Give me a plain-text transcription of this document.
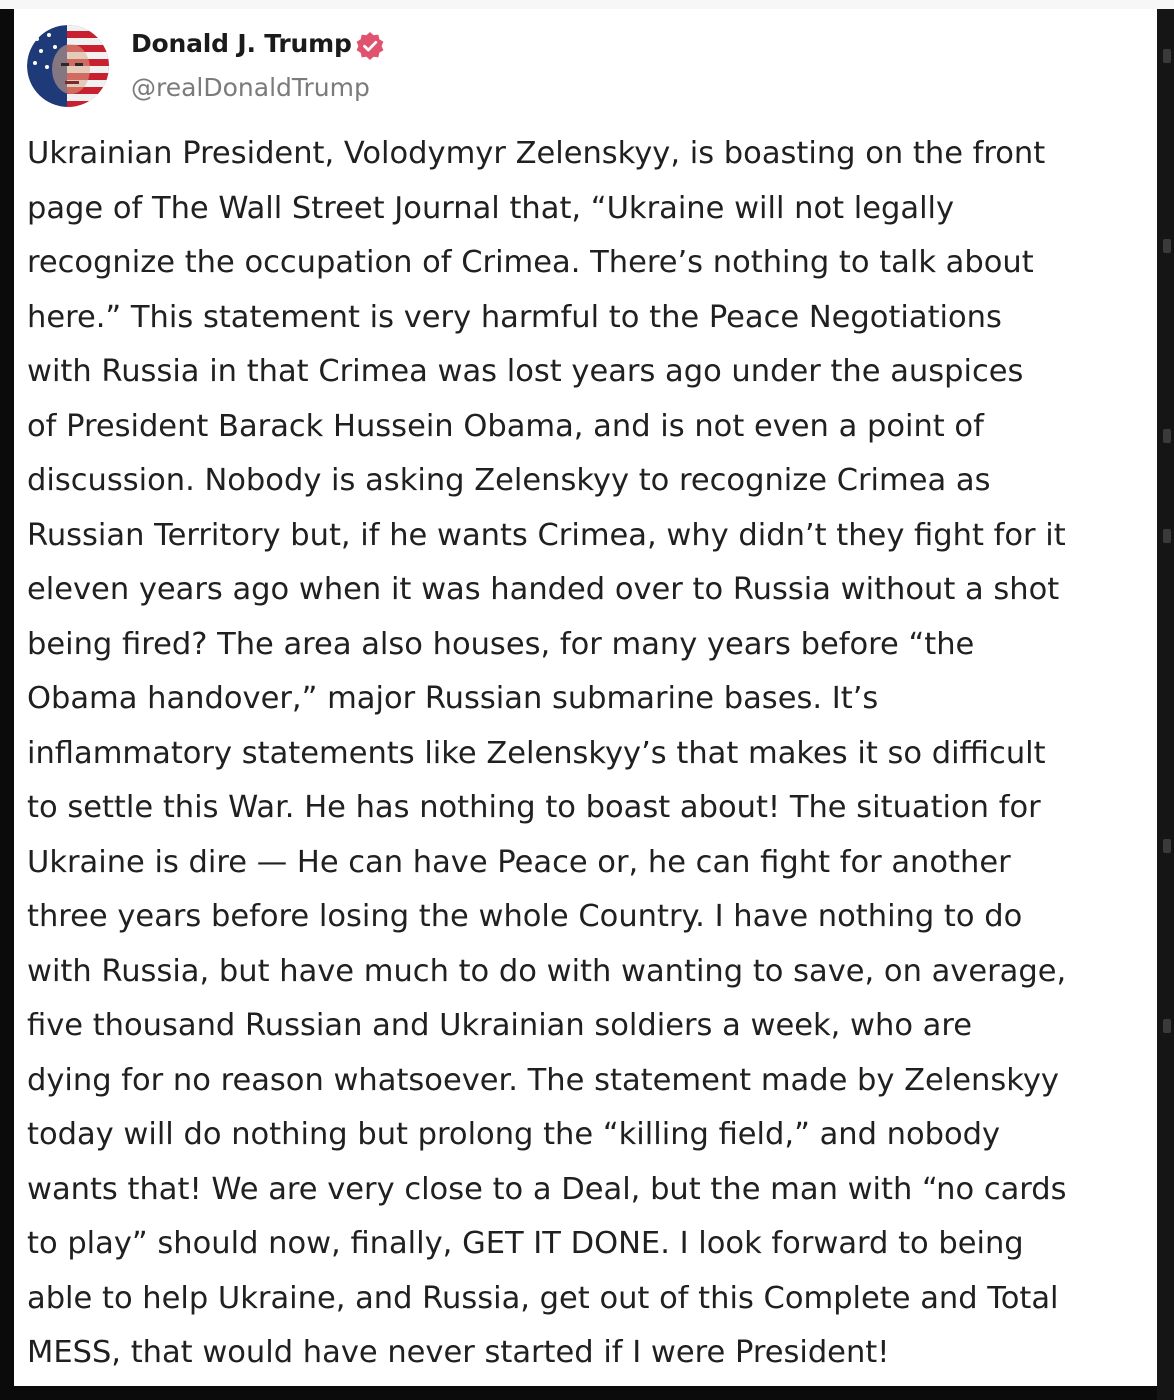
Donald J. Trump
@realDonaldTrump

Ukrainian President, Volodymyr Zelenskyy, is boasting on the front
page of The Wall Street Journal that, “Ukraine will not legally
recognize the occupation of Crimea. There’s nothing to talk about
here.” This statement is very harmful to the Peace Negotiations
with Russia in that Crimea was lost years ago under the auspices
of President Barack Hussein Obama, and is not even a point of
discussion. Nobody is asking Zelenskyy to recognize Crimea as
Russian Territory but, if he wants Crimea, why didn’t they fight for it
eleven years ago when it was handed over to Russia without a shot
being fired? The area also houses, for many years before “the
Obama handover,” major Russian submarine bases. It’s
inflammatory statements like Zelenskyy’s that makes it so difficult
to settle this War. He has nothing to boast about! The situation for
Ukraine is dire — He can have Peace or, he can fight for another
three years before losing the whole Country. I have nothing to do
with Russia, but have much to do with wanting to save, on average,
five thousand Russian and Ukrainian soldiers a week, who are
dying for no reason whatsoever. The statement made by Zelenskyy
today will do nothing but prolong the “killing field,” and nobody
wants that! We are very close to a Deal, but the man with “no cards
to play” should now, finally, GET IT DONE. I look forward to being
able to help Ukraine, and Russia, get out of this Complete and Total
MESS, that would have never started if I were President!
